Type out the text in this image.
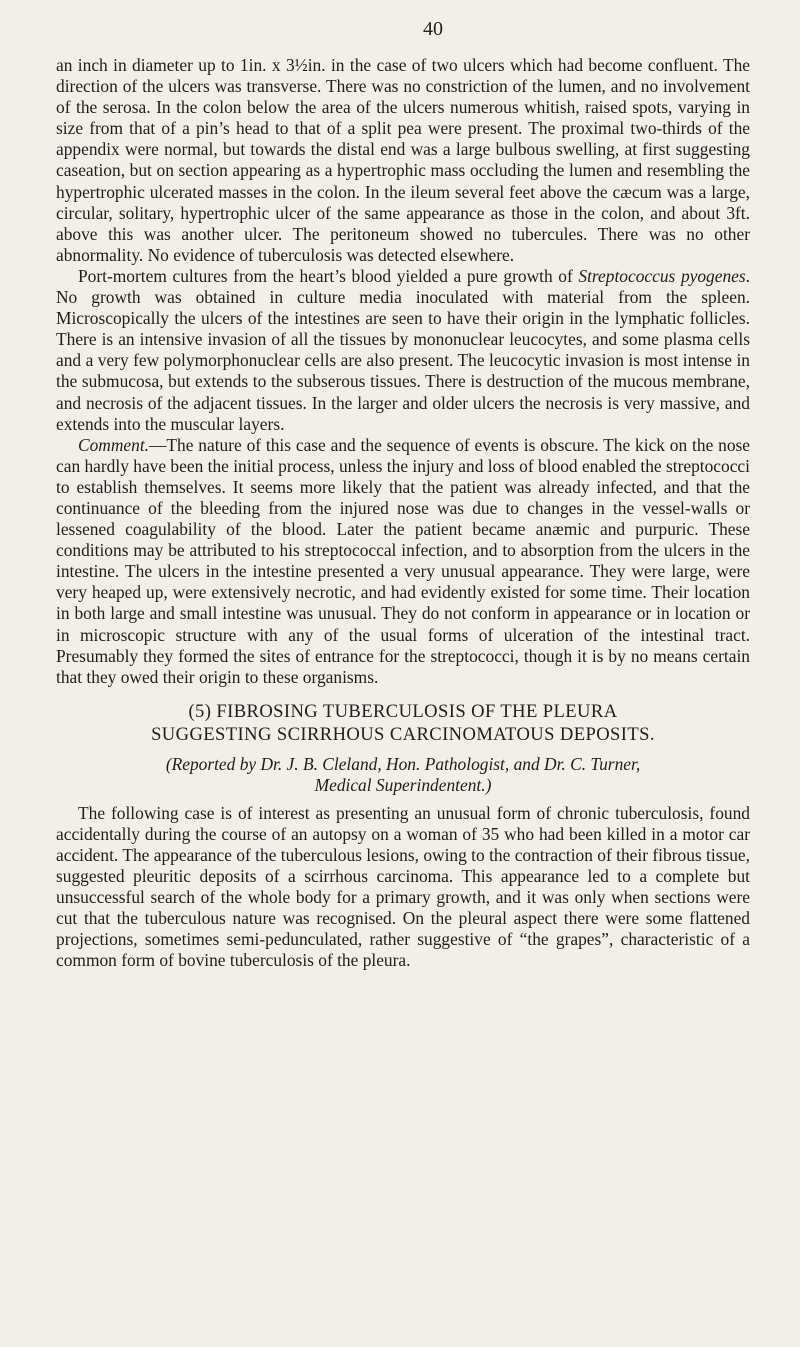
40

an inch in diameter up to 1in. x 3½in. in the case of two ulcers which had become confluent. The direction of the ulcers was transverse. There was no constriction of the lumen, and no involvement of the serosa. In the colon below the area of the ulcers numerous whitish, raised spots, varying in size from that of a pin’s head to that of a split pea were present. The proximal two-thirds of the appendix were normal, but towards the distal end was a large bulbous swelling, at first suggesting caseation, but on section appearing as a hypertrophic mass occluding the lumen and resembling the hypertrophic ulcerated masses in the colon. In the ileum several feet above the cæcum was a large, circular, solitary, hypertrophic ulcer of the same appearance as those in the colon, and about 3ft. above this was another ulcer. The peritoneum showed no tubercules. There was no other abnormality. No evidence of tuberculosis was detected elsewhere.

Port-mortem cultures from the heart’s blood yielded a pure growth of Streptococcus pyogenes. No growth was obtained in culture media inoculated with material from the spleen. Microscopically the ulcers of the intestines are seen to have their origin in the lymphatic follicles. There is an intensive invasion of all the tissues by mononuclear leucocytes, and some plasma cells and a very few polymorphonuclear cells are also present. The leucocytic invasion is most intense in the submucosa, but extends to the subserous tissues. There is destruction of the mucous membrane, and necrosis of the adjacent tissues. In the larger and older ulcers the necrosis is very massive, and extends into the muscular layers.

Comment.—The nature of this case and the sequence of events is obscure. The kick on the nose can hardly have been the initial process, unless the injury and loss of blood enabled the streptococci to establish themselves. It seems more likely that the patient was already infected, and that the continuance of the bleeding from the injured nose was due to changes in the vessel-walls or lessened coagulability of the blood. Later the patient became anæmic and purpuric. These conditions may be attributed to his streptococcal infection, and to absorption from the ulcers in the intestine. The ulcers in the intestine presented a very unusual appearance. They were large, were very heaped up, were extensively necrotic, and had evidently existed for some time. Their location in both large and small intestine was unusual. They do not conform in appearance or in location or in microscopic structure with any of the usual forms of ulceration of the intestinal tract. Presumably they formed the sites of entrance for the streptococci, though it is by no means certain that they owed their origin to these organisms.

(5) FIBROSING TUBERCULOSIS OF THE PLEURA
SUGGESTING SCIRRHOUS CARCINOMATOUS DEPOSITS.
(Reported by Dr. J. B. Cleland, Hon. Pathologist, and Dr. C. Turner,
Medical Superindentent.)

The following case is of interest as presenting an unusual form of chronic tuberculosis, found accidentally during the course of an autopsy on a woman of 35 who had been killed in a motor car accident. The appearance of the tuberculous lesions, owing to the contraction of their fibrous tissue, suggested pleuritic deposits of a scirrhous carcinoma. This appearance led to a complete but unsuccessful search of the whole body for a primary growth, and it was only when sections were cut that the tuberculous nature was recognised. On the pleural aspect there were some flattened projections, sometimes semi-pedunculated, rather suggestive of “the grapes”, characteristic of a common form of bovine tuberculosis of the pleura.
